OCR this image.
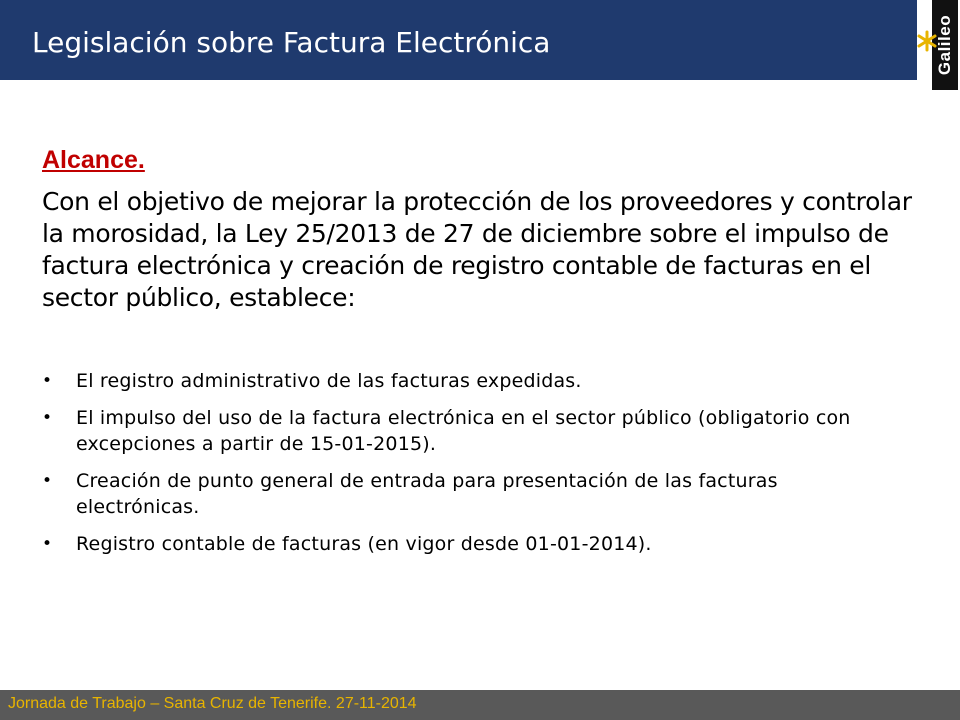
Legislación sobre Factura Electrónica	Galileo
Alcance.
Con el objetivo de mejorar la protección de los proveedores y controlar la morosidad, la Ley 25/2013 de 27 de diciembre sobre el impulso de factura electrónica y creación de registro contable de facturas en el sector público, establece:
• El registro administrativo de las facturas expedidas.
• El impulso del uso de la factura electrónica en el sector público (obligatorio con excepciones a partir de 15-01-2015).
• Creación de punto general de entrada para presentación de las facturas electrónicas.
• Registro contable de facturas (en vigor desde 01-01-2014).
Jornada de Trabajo – Santa Cruz de Tenerife. 27-11-2014
